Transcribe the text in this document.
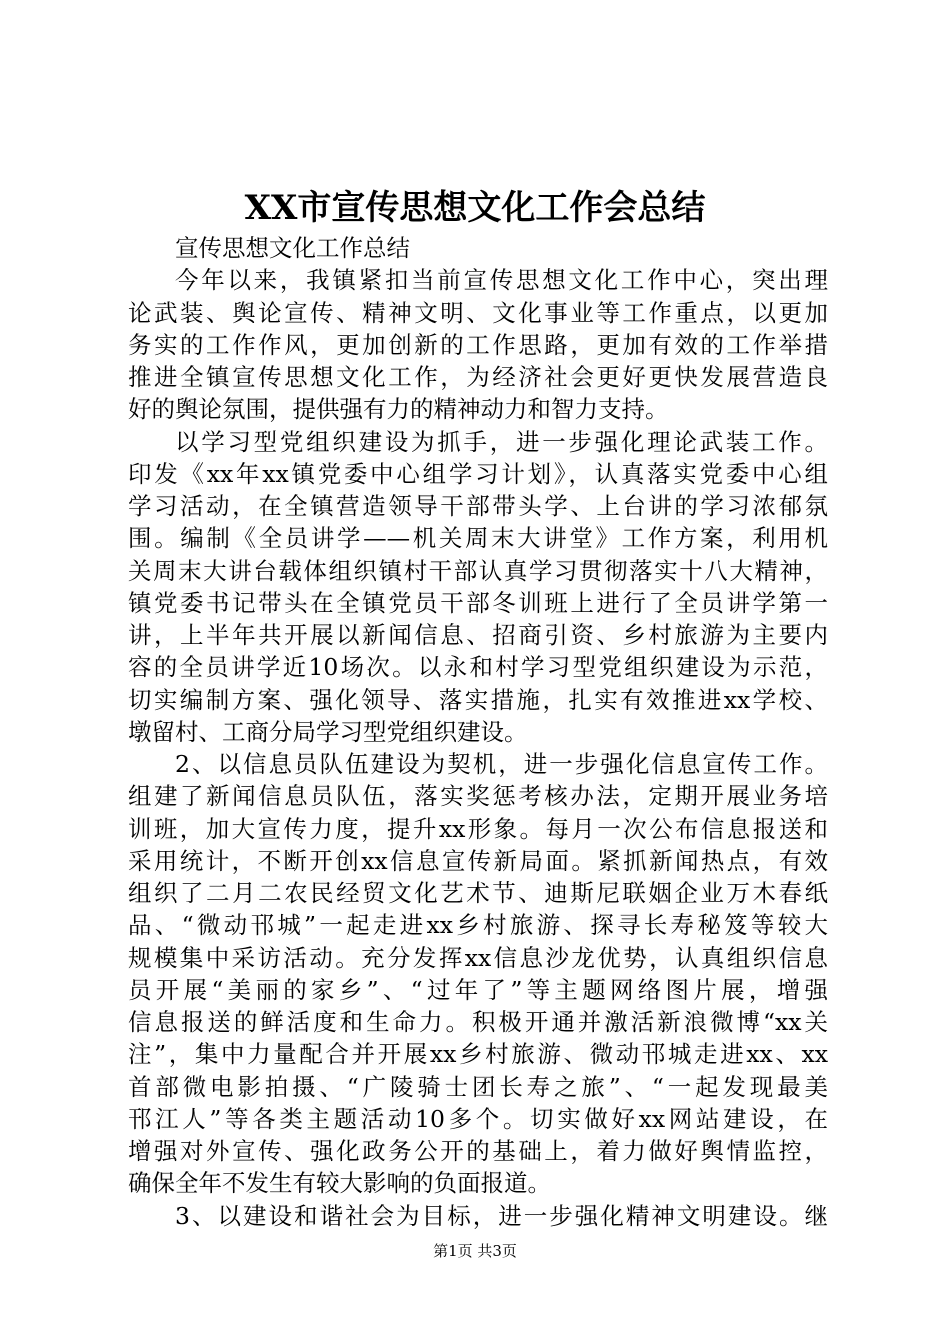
XX市宣传思想文化工作会总结
宣传思想文化工作总结
今年以来，我镇紧扣当前宣传思想文化工作中心，突出理
论武装、舆论宣传、精神文明、文化事业等工作重点，以更加
务实的工作作风，更加创新的工作思路，更加有效的工作举措
推进全镇宣传思想文化工作，为经济社会更好更快发展营造良
好的舆论氛围，提供强有力的精神动力和智力支持。
以学习型党组织建设为抓手，进一步强化理论武装工作。
印发《xx年xx镇党委中心组学习计划》，认真落实党委中心组
学习活动，在全镇营造领导干部带头学、上台讲的学习浓郁氛
围。编制《全员讲学——机关周末大讲堂》工作方案，利用机
关周末大讲台载体组织镇村干部认真学习贯彻落实十八大精神，
镇党委书记带头在全镇党员干部冬训班上进行了全员讲学第一
讲，上半年共开展以新闻信息、招商引资、乡村旅游为主要内
容的全员讲学近10场次。以永和村学习型党组织建设为示范，
切实编制方案、强化领导、落实措施，扎实有效推进xx学校、
墩留村、工商分局学习型党组织建设。
2、以信息员队伍建设为契机，进一步强化信息宣传工作。
组建了新闻信息员队伍，落实奖惩考核办法，定期开展业务培
训班，加大宣传力度，提升xx形象。每月一次公布信息报送和
采用统计，不断开创xx信息宣传新局面。紧抓新闻热点，有效
组织了二月二农民经贸文化艺术节、迪斯尼联姻企业万木春纸
品、“微动邗城”一起走进xx乡村旅游、探寻长寿秘笈等较大
规模集中采访活动。充分发挥xx信息沙龙优势，认真组织信息
员开展“美丽的家乡”、“过年了”等主题网络图片展，增强
信息报送的鲜活度和生命力。积极开通并激活新浪微博“xx关
注”，集中力量配合并开展xx乡村旅游、微动邗城走进xx、xx
首部微电影拍摄、“广陵骑士团长寿之旅”、“一起发现最美
邗江人”等各类主题活动10多个。切实做好xx网站建设，在
增强对外宣传、强化政务公开的基础上，着力做好舆情监控，
确保全年不发生有较大影响的负面报道。
3、以建设和谐社会为目标，进一步强化精神文明建设。继
第1页 共3页
